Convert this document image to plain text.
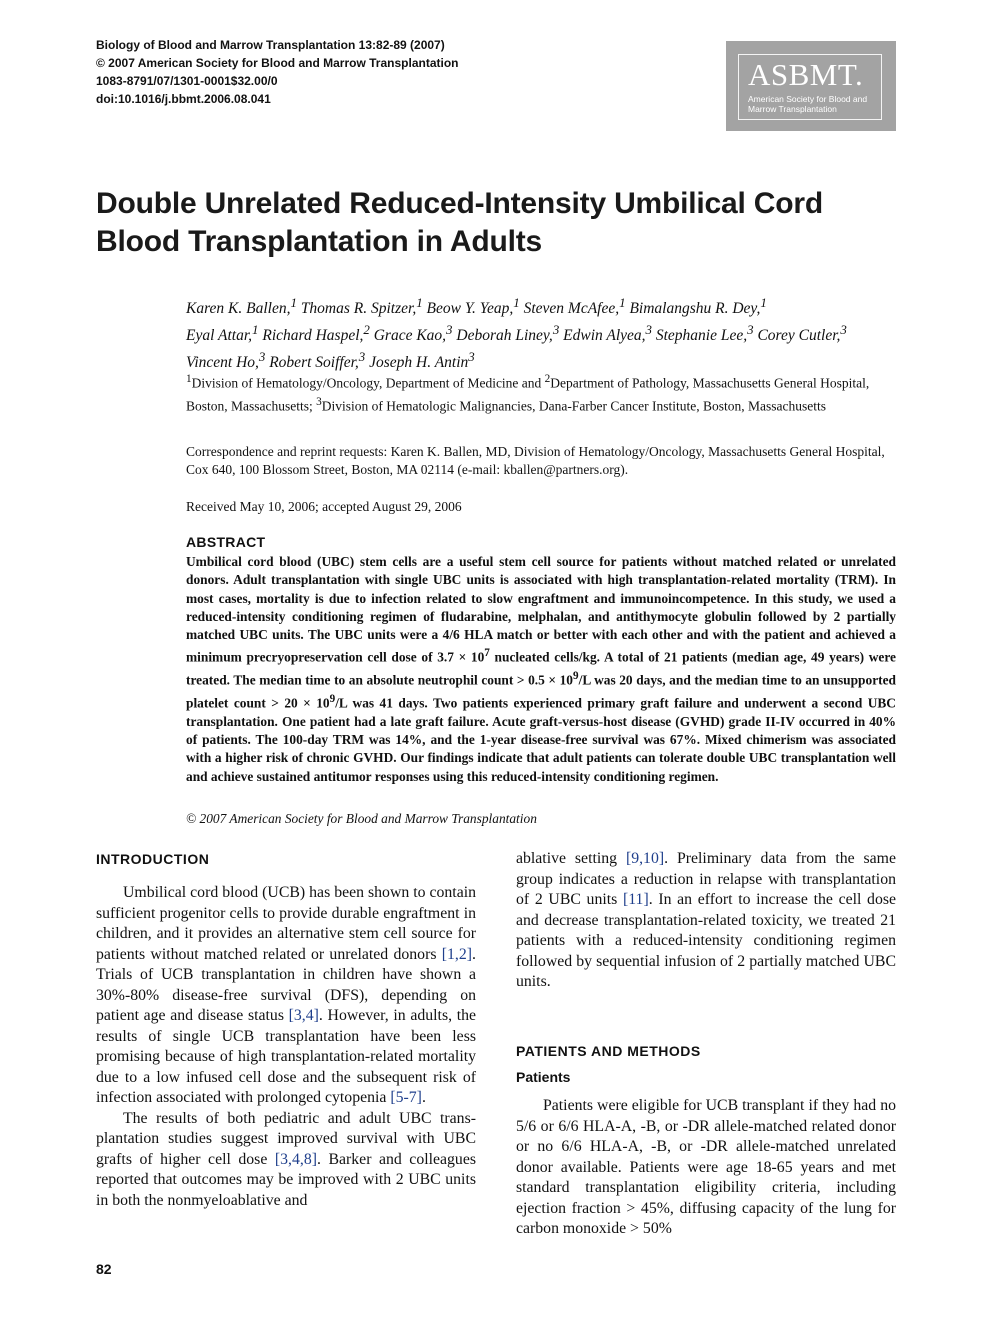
Biology of Blood and Marrow Transplantation 13:82-89 (2007)
© 2007 American Society for Blood and Marrow Transplantation
1083-8791/07/1301-0001$32.00/0
doi:10.1016/j.bbmt.2006.08.041
ASBMT.
American Society for Blood and Marrow Transplantation
Double Unrelated Reduced-Intensity Umbilical Cord Blood Transplantation in Adults
Karen K. Ballen,$^1$ Thomas R. Spitzer,$^1$ Beow Y. Yeap,$^1$ Steven McAfee,$^1$ Bimalangshu R. Dey,$^1$
Eyal Attar,$^1$ Richard Haspel,$^2$ Grace Kao,$^3$ Deborah Liney,$^3$ Edwin Alyea,$^3$ Stephanie Lee,$^3$ Corey Cutler,$^3$
Vincent Ho,$^3$ Robert Soiffer,$^3$ Joseph H. Antin$^3$
$^1$Division of Hematology/Oncology, Department of Medicine and $^2$Department of Pathology, Massachusetts General Hospital, Boston, Massachusetts; $^3$Division of Hematologic Malignancies, Dana-Farber Cancer Institute, Boston, Massachusetts
Correspondence and reprint requests: Karen K. Ballen, MD, Division of Hematology/Oncology, Massachusetts General Hospital, Cox 640, 100 Blossom Street, Boston, MA 02114 (e-mail: kballen@partners.org).
Received May 10, 2006; accepted August 29, 2006
ABSTRACT
Umbilical cord blood (UBC) stem cells are a useful stem cell source for patients without matched related or unrelated donors. Adult transplantation with single UBC units is associated with high transplantation-related mortality (TRM). In most cases, mortality is due to infection related to slow engraftment and immunoincompetence. In this study, we used a reduced-intensity conditioning regimen of fludarabine, melphalan, and antithymocyte globulin followed by 2 partially matched UBC units. The UBC units were a 4/6 HLA match or better with each other and with the patient and achieved a minimum precryopreservation cell dose of $3.7 \times 10^7$ nucleated cells/kg. A total of 21 patients (median age, 49 years) were treated. The median time to an absolute neutrophil count > $0.5 \times 10^9/L$ was 20 days, and the median time to an unsupported platelet count > $20 \times 10^9/L$ was 41 days. Two patients experienced primary graft failure and underwent a second UBC transplantation. One patient had a late graft failure. Acute graft-versus-host disease (GVHD) grade II-IV occurred in 40% of patients. The 100-day TRM was 14%, and the 1-year disease-free survival was 67%. Mixed chimerism was associated with a higher risk of chronic GVHD. Our findings indicate that adult patients can tolerate double UBC transplantation well and achieve sustained antitumor responses using this reduced-intensity conditioning regimen.
© 2007 American Society for Blood and Marrow Transplantation
INTRODUCTION

Umbilical cord blood (UCB) has been shown to contain sufficient progenitor cells to provide durable engraftment in children, and it provides an alternative stem cell source for patients without matched related or unrelated donors [1,2]. Trials of UCB transplantation in children have shown a 30%-80% disease-free survival (DFS), depending on patient age and disease status [3,4]. However, in adults, the results of single UCB transplantation have been less promising because of high transplantation-related mortality due to a low infused cell dose and the subsequent risk of infection associated with prolonged cytopenia [5-7].

The results of both pediatric and adult UBC transplantation studies suggest improved survival with UBC grafts of higher cell dose [3,4,8]. Barker and colleagues reported that outcomes may be improved with 2 UBC units in both the nonmyeloablative and

ablative setting [9,10]. Preliminary data from the same group indicates a reduction in relapse with transplantation of 2 UBC units [11]. In an effort to increase the cell dose and decrease transplantation-related toxicity, we treated 21 patients with a reduced-intensity conditioning regimen followed by sequential infusion of 2 partially matched UBC units.

PATIENTS AND METHODS
Patients

Patients were eligible for UCB transplant if they had no 5/6 or 6/6 HLA-A, -B, or -DR allele-matched related donor or no 6/6 HLA-A, -B, or -DR allele-matched unrelated donor available. Patients were age 18-65 years and met standard transplantation eligibility criteria, including ejection fraction > 45%, diffusing capacity of the lung for carbon monoxide > 50%

82
